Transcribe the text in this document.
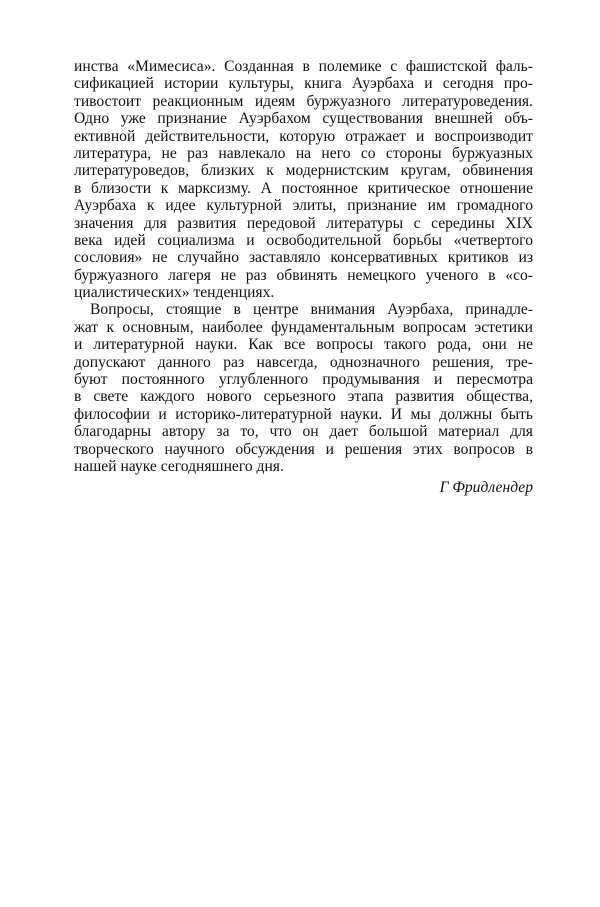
инства «Мимесиса». Созданная в полемике с фашистской фаль-
сификацией истории культуры, книга Ауэрбаха и сегодня про-
тивостоит реакционным идеям буржуазного литературоведения.
Одно уже признание Ауэрбахом существования внешней объ-
ективной действительности, которую отражает и воспроизводит
литература, не раз навлекало на него со стороны буржуазных
литературоведов, близких к модернистским кругам, обвинения
в близости к марксизму. А постоянное критическое отношение
Ауэрбаха к идее культурной элиты, признание им громадного
значения для развития передовой литературы с середины XIX
века идей социализма и освободительной борьбы «четвертого
сословия» не случайно заставляло консервативных критиков из
буржуазного лагеря не раз обвинять немецкого ученого в «со-
циалистических» тенденциях.
Вопросы, стоящие в центре внимания Ауэрбаха, принадле-
жат к основным, наиболее фундаментальным вопросам эстетики
и литературной науки. Как все вопросы такого рода, они не
допускают данного раз навсегда, однозначного решения, тре-
буют постоянного углубленного продумывания и пересмотра
в свете каждого нового серьезного этапа развития общества,
философии и историко-литературной науки. И мы должны быть
благодарны автору за то, что он дает большой материал для
творческого научного обсуждения и решения этих вопросов в
нашей науке сегодняшнего дня.
Г Фридлендер
